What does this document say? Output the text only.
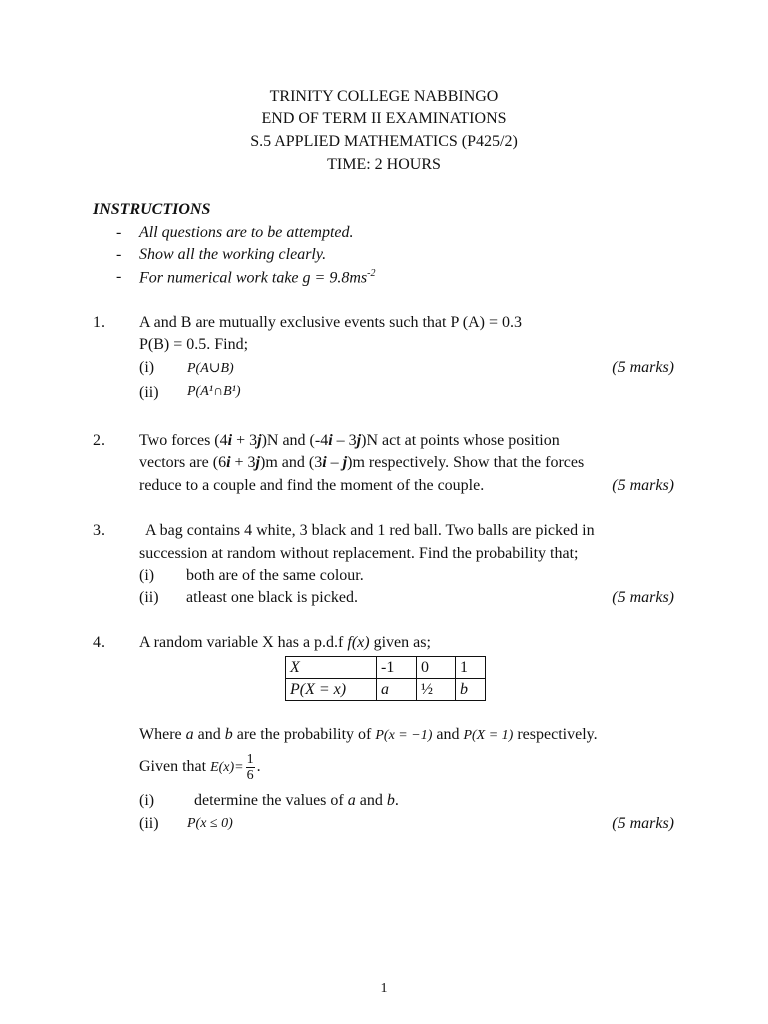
TRINITY COLLEGE NABBINGO
END OF TERM II EXAMINATIONS
S.5 APPLIED MATHEMATICS (P425/2)
TIME: 2 HOURS
INSTRUCTIONS
- All questions are to be attempted.
- Show all the working clearly.
- For numerical work take $g = 9.8ms^{-2}$
1. A and B are mutually exclusive events such that P (A) = 0.3
P(B) = 0.5. Find;
(i) P(A∪B)	(5 marks)
(ii) P(A¹∩B¹)
2. Two forces (4i + 3j)N and (-4i – 3j)N act at points whose position
vectors are (6i + 3j)m and (3i – j)m respectively. Show that the forces
reduce to a couple and find the moment of the couple.	(5 marks)
3.	A bag contains 4 white, 3 black and 1 red ball. Two balls are picked in
succession at random without replacement. Find the probability that;
(i) both are of the same colour.
(ii) atleast one black is picked.	(5 marks)
4. A random variable X has a p.d.f f(x) given as;
X	-1	0	1
P(X = x)	a	½	b
Where a and b are the probability of P(x = −1) and P(X = 1) respectively.
Given that $E(x)= \frac{1}{6}$ .
(i) determine the values of a and b.
(ii) P(x ≤ 0)	(5 marks)
1
